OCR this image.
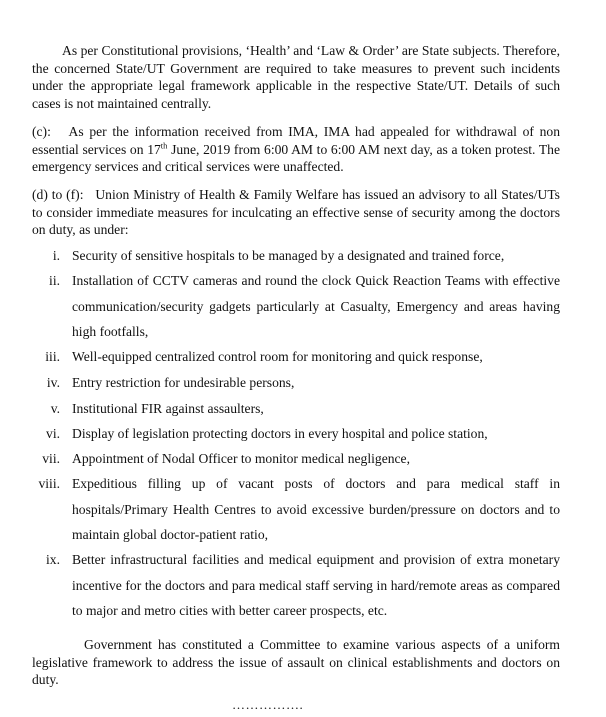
As per Constitutional provisions, ‘Health’ and ‘Law & Order’ are State subjects. Therefore, the concerned State/UT Government are required to take measures to prevent such incidents under the appropriate legal framework applicable in the respective State/UT. Details of such cases is not maintained centrally.

(c): As per the information received from IMA, IMA had appealed for withdrawal of non essential services on 17th June, 2019 from 6:00 AM to 6:00 AM next day, as a token protest. The emergency services and critical services were unaffected.

(d) to (f): Union Ministry of Health & Family Welfare has issued an advisory to all States/UTs to consider immediate measures for inculcating an effective sense of security among the doctors on duty, as under:

i. Security of sensitive hospitals to be managed by a designated and trained force,

ii. Installation of CCTV cameras and round the clock Quick Reaction Teams with effective communication/security gadgets particularly at Casualty, Emergency and areas having high footfalls,

iii. Well-equipped centralized control room for monitoring and quick response,

iv. Entry restriction for undesirable persons,

v. Institutional FIR against assaulters,

vi. Display of legislation protecting doctors in every hospital and police station,

vii. Appointment of Nodal Officer to monitor medical negligence,

viii. Expeditious filling up of vacant posts of doctors and para medical staff in hospitals/Primary Health Centres to avoid excessive burden/pressure on doctors and to maintain global doctor-patient ratio,

ix. Better infrastructural facilities and medical equipment and provision of extra monetary incentive for the doctors and para medical staff serving in hard/remote areas as compared to major and metro cities with better career prospects, etc.

Government has constituted a Committee to examine various aspects of a uniform legislative framework to address the issue of assault on clinical establishments and doctors on duty.

…………….
